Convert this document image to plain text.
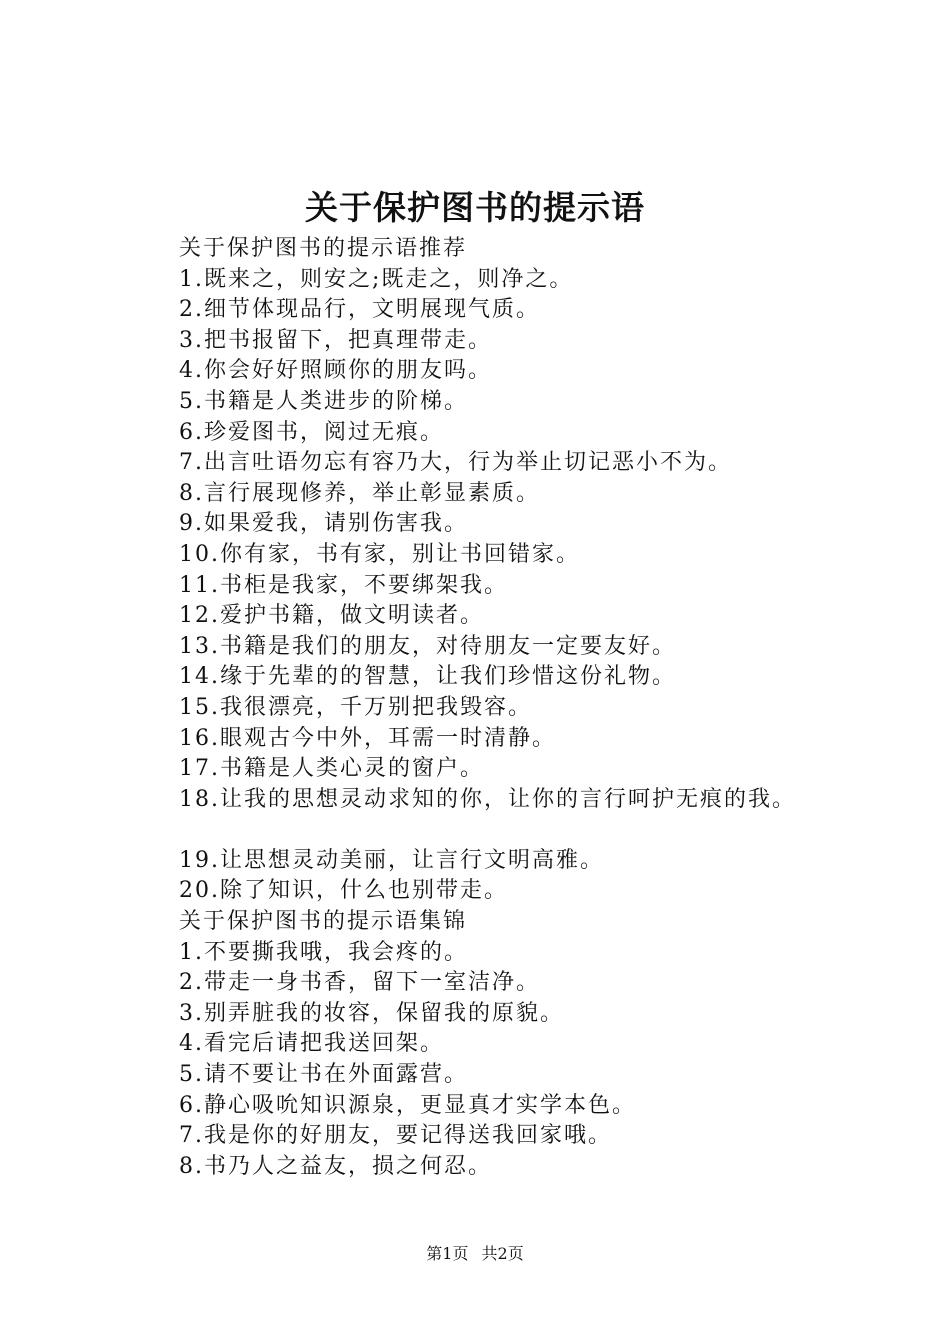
关于保护图书的提示语
关于保护图书的提示语推荐
1.既来之，则安之;既走之，则净之。
2.细节体现品行，文明展现气质。
3.把书报留下，把真理带走。
4.你会好好照顾你的朋友吗。
5.书籍是人类进步的阶梯。
6.珍爱图书，阅过无痕。
7.出言吐语勿忘有容乃大，行为举止切记恶小不为。
8.言行展现修养，举止彰显素质。
9.如果爱我，请别伤害我。
10.你有家，书有家，别让书回错家。
11.书柜是我家，不要绑架我。
12.爱护书籍，做文明读者。
13.书籍是我们的朋友，对待朋友一定要友好。
14.缘于先辈的的智慧，让我们珍惜这份礼物。
15.我很漂亮，千万别把我毁容。
16.眼观古今中外，耳需一时清静。
17.书籍是人类心灵的窗户。
18.让我的思想灵动求知的你，让你的言行呵护无痕的我。
19.让思想灵动美丽，让言行文明高雅。
20.除了知识，什么也别带走。
关于保护图书的提示语集锦
1.不要撕我哦，我会疼的。
2.带走一身书香，留下一室洁净。
3.别弄脏我的妆容，保留我的原貌。
4.看完后请把我送回架。
5.请不要让书在外面露营。
6.静心吸吮知识源泉，更显真才实学本色。
7.我是你的好朋友，要记得送我回家哦。
8.书乃人之益友，损之何忍。
第1页 共2页
